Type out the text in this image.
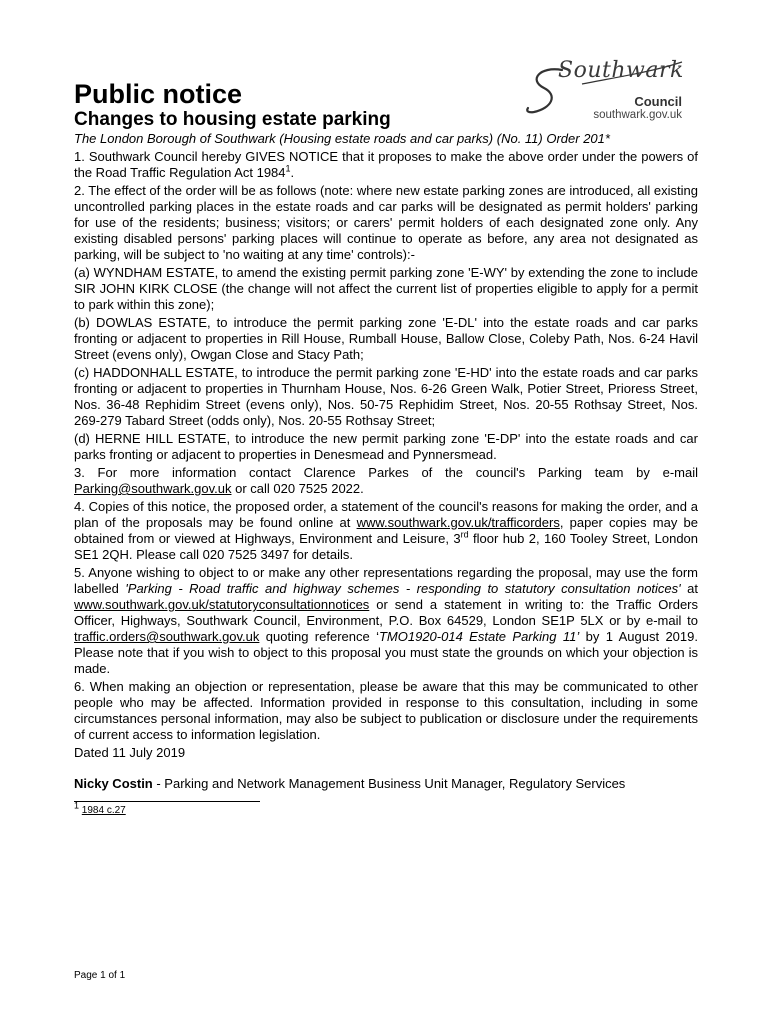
Southwark
Council
southwark.gov.uk
Public notice
Changes to housing estate parking
The London Borough of Southwark (Housing estate roads and car parks) (No. 11) Order 201*

1. Southwark Council hereby GIVES NOTICE that it proposes to make the above order under the powers of the Road Traffic Regulation Act 1984$^1$.

2. The effect of the order will be as follows (note: where new estate parking zones are introduced, all existing uncontrolled parking places in the estate roads and car parks will be designated as permit holders' parking for use of the residents; business; visitors; or carers' permit holders of each designated zone only. Any existing disabled persons' parking places will continue to operate as before, any area not designated as parking, will be subject to 'no waiting at any time' controls):-

(a) WYNDHAM ESTATE, to amend the existing permit parking zone 'E-WY' by extending the zone to include SIR JOHN KIRK CLOSE (the change will not affect the current list of properties eligible to apply for a permit to park within this zone);

(b) DOWLAS ESTATE, to introduce the permit parking zone 'E-DL' into the estate roads and car parks fronting or adjacent to properties in Rill House, Rumball House, Ballow Close, Coleby Path, Nos. 6-24 Havil Street (evens only), Owgan Close and Stacy Path;

(c) HADDONHALL ESTATE, to introduce the permit parking zone 'E-HD' into the estate roads and car parks fronting or adjacent to properties in Thurnham House, Nos. 6-26 Green Walk, Potier Street, Prioress Street, Nos. 36-48 Rephidim Street (evens only), Nos. 50-75 Rephidim Street, Nos. 20-55 Rothsay Street, Nos. 269-279 Tabard Street (odds only), Nos. 20-55 Rothsay Street;

(d) HERNE HILL ESTATE, to introduce the new permit parking zone 'E-DP' into the estate roads and car parks fronting or adjacent to properties in Denesmead and Pynnersmead.

3. For more information contact Clarence Parkes of the council's Parking team by e-mail Parking@southwark.gov.uk or call 020 7525 2022.

4. Copies of this notice, the proposed order, a statement of the council's reasons for making the order, and a plan of the proposals may be found online at www.southwark.gov.uk/trafficorders, paper copies may be obtained from or viewed at Highways, Environment and Leisure, 3rd floor hub 2, 160 Tooley Street, London SE1 2QH. Please call 020 7525 3497 for details.

5. Anyone wishing to object to or make any other representations regarding the proposal, may use the form labelled 'Parking - Road traffic and highway schemes - responding to statutory consultation notices' at www.southwark.gov.uk/statutoryconsultationnotices or send a statement in writing to: the Traffic Orders Officer, Highways, Southwark Council, Environment, P.O. Box 64529, London SE1P 5LX or by e-mail to traffic.orders@southwark.gov.uk quoting reference ‘TMO1920-014 Estate Parking 11’ by 1 August 2019. Please note that if you wish to object to this proposal you must state the grounds on which your objection is made.

6. When making an objection or representation, please be aware that this may be communicated to other people who may be affected. Information provided in response to this consultation, including in some circumstances personal information, may also be subject to publication or disclosure under the requirements of current access to information legislation.

Dated 11 July 2019

Nicky Costin - Parking and Network Management Business Unit Manager, Regulatory Services
1 1984 c.27
Page 1 of 1
